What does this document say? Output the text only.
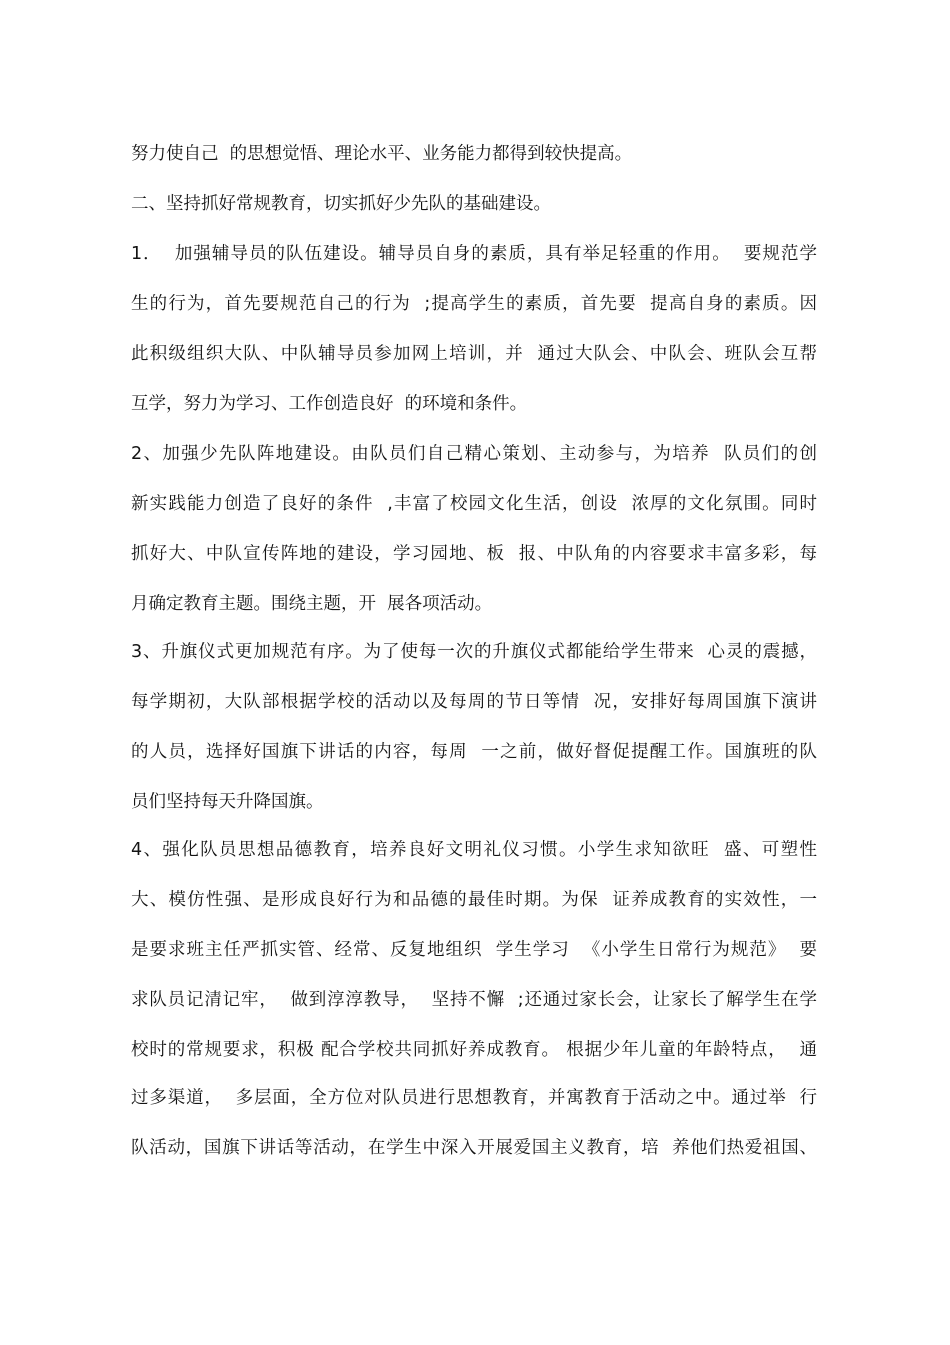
努力使自己  的思想觉悟、理论水平、业务能力都得到较快提高。

二、坚持抓好常规教育，切实抓好少先队的基础建设。

1．  加强辅导员的队伍建设。辅导员自身的素质，具有举足轻重的作用。  要规范学

生的行为，首先要规范自己的行为  ;提高学生的素质，首先要  提高自身的素质。因

此积级组织大队、中队辅导员参加网上培训，并  通过大队会、中队会、班队会互帮

互学，努力为学习、工作创造良好  的环境和条件。

2、加强少先队阵地建设。由队员们自己精心策划、主动参与，为培养  队员们的创

新实践能力创造了良好的条件  ,丰富了校园文化生活，创设  浓厚的文化氛围。同时

抓好大、中队宣传阵地的建设，学习园地、板  报、中队角的内容要求丰富多彩，每

月确定教育主题。围绕主题，开  展各项活动。

3、升旗仪式更加规范有序。为了使每一次的升旗仪式都能给学生带来  心灵的震撼，

每学期初，大队部根据学校的活动以及每周的节日等情  况，安排好每周国旗下演讲

的人员，选择好国旗下讲话的内容，每周  一之前，做好督促提醒工作。国旗班的队

员们坚持每天升降国旗。

4、强化队员思想品德教育，培养良好文明礼仪习惯。小学生求知欲旺  盛、可塑性

大、模仿性强、是形成良好行为和品德的最佳时期。为保  证养成教育的实效性，一

是要求班主任严抓实管、经常、反复地组织  学生学习  《小学生日常行为规范》  要

求队员记清记牢，  做到淳淳教导，  坚持不懈  ;还通过家长会，让家长了解学生在学

校时的常规要求，积极 配合学校共同抓好养成教育。 根据少年儿童的年龄特点，  通

过多渠道，  多层面，全方位对队员进行思想教育，并寓教育于活动之中。通过举  行

队活动，国旗下讲话等活动，在学生中深入开展爱国主义教育，培  养他们热爱祖国、
